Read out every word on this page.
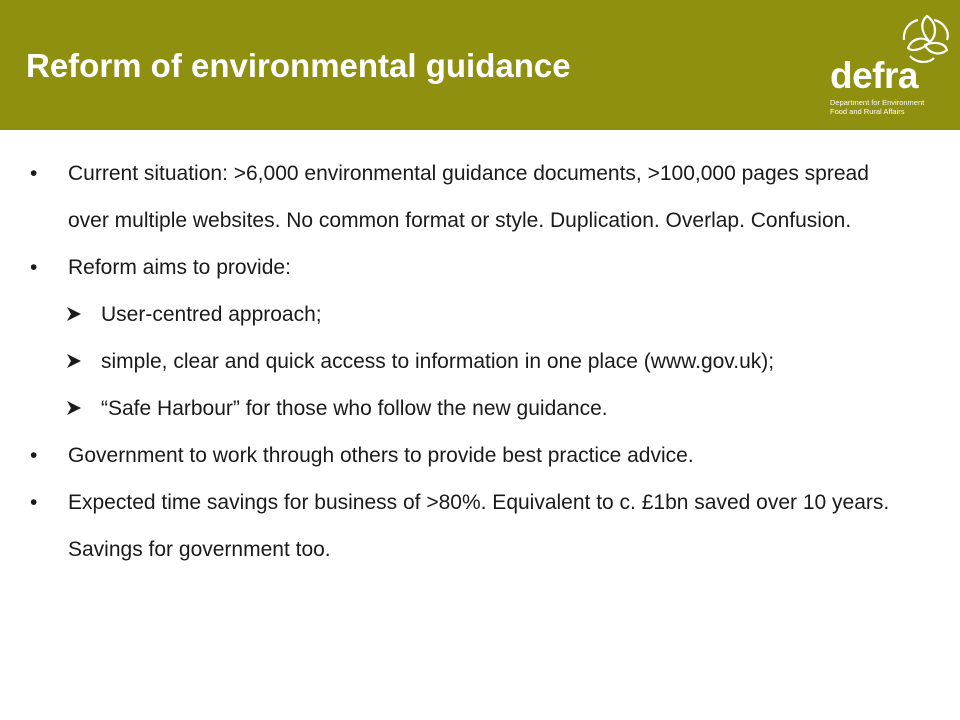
Reform of environmental guidance	defra
Department for Environment
Food and Rural Affairs
• Current situation: >6,000 environmental guidance documents, >100,000 pages spread over multiple websites. No common format or style. Duplication. Overlap. Confusion.
• Reform aims to provide:
User-centred approach;
simple, clear and quick access to information in one place (www.gov.uk);
“Safe Harbour” for those who follow the new guidance.
• Government to work through others to provide best practice advice.
• Expected time savings for business of >80%. Equivalent to c. £1bn saved over 10 years. Savings for government too.
